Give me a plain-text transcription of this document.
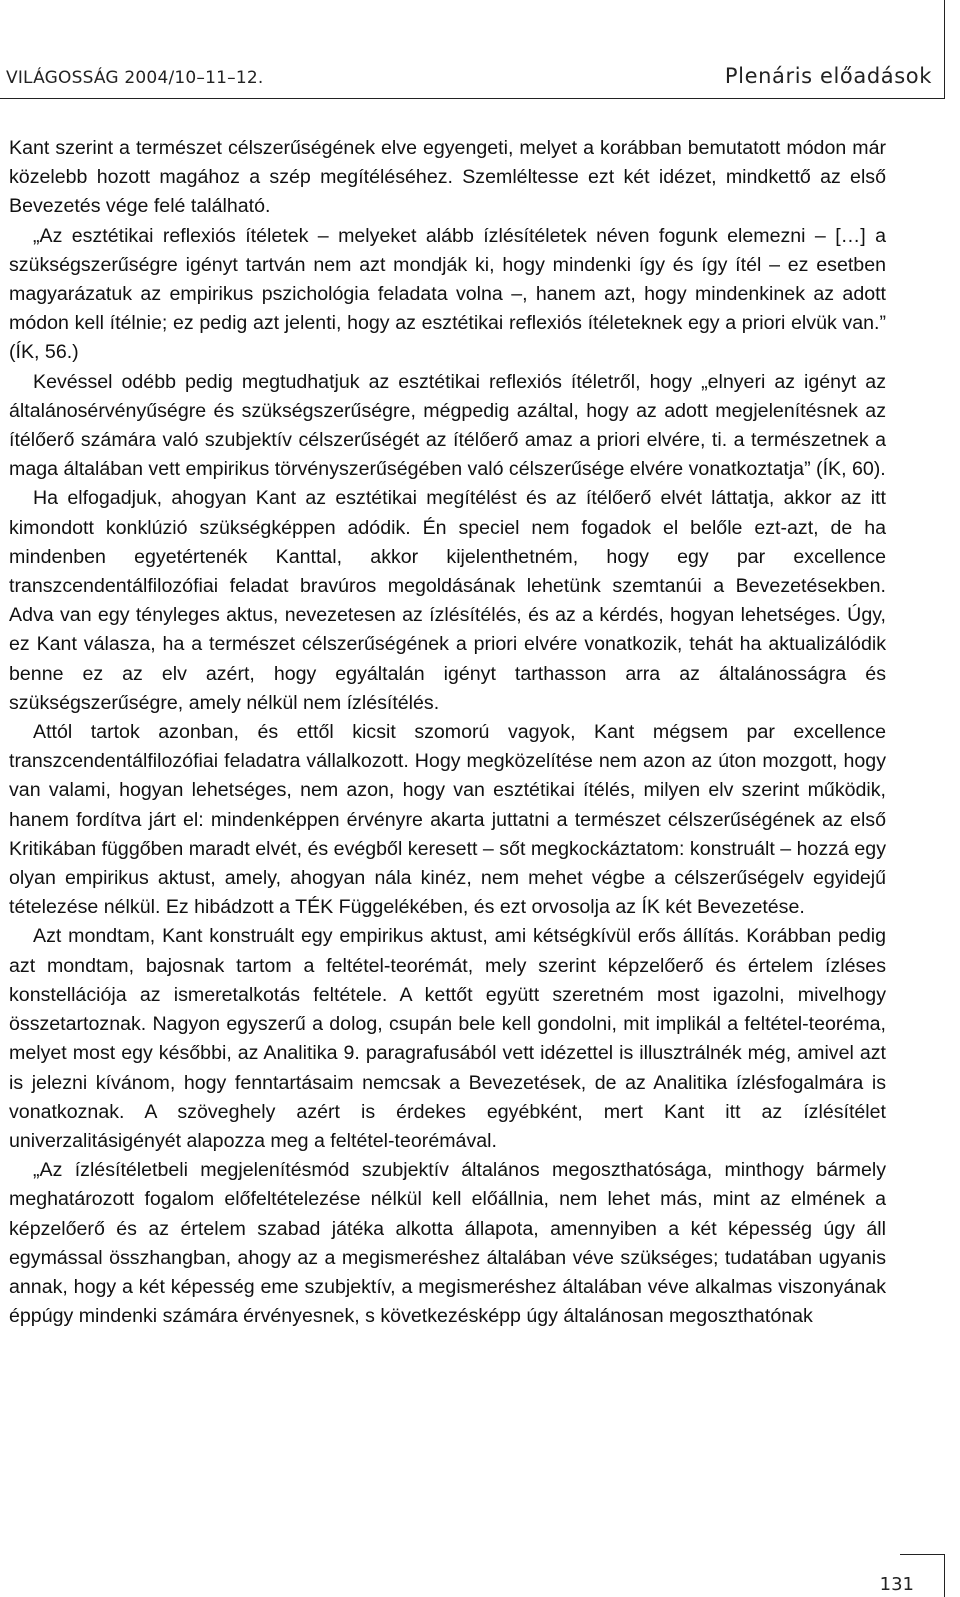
VILÁGOSSÁG 2004/10–11–12.	Plenáris előadások

Kant szerint a természet célszerűségének elve egyengeti, melyet a korábban bemutatott módon már közelebb hozott magához a szép megítéléséhez. Szemléltesse ezt két idézet, mindkettő az első Bevezetés vége felé található.

„Az esztétikai reflexiós ítéletek – melyeket alább ízlésítéletek néven fogunk elemezni – […] a szükségszerűségre igényt tartván nem azt mondják ki, hogy mindenki így és így ítél – ez esetben magyarázatuk az empirikus pszichológia feladata volna –, hanem azt, hogy mindenkinek az adott módon kell ítélnie; ez pedig azt jelenti, hogy az esztétikai reflexiós ítéleteknek egy a priori elvük van.” (ÍK, 56.)

Kevéssel odébb pedig megtudhatjuk az esztétikai reflexiós ítéletről, hogy „elnyeri az igényt az általánosérvényűségre és szükségszerűségre, mégpedig azáltal, hogy az adott megjelenítésnek az ítélőerő számára való szubjektív célszerűségét az ítélőerő amaz a priori elvére, ti. a természetnek a maga általában vett empirikus törvényszerűségében való célszerűsége elvére vonatkoztatja” (ÍK, 60).

Ha elfogadjuk, ahogyan Kant az esztétikai megítélést és az ítélőerő elvét láttatja, akkor az itt kimondott konklúzió szükségképpen adódik. Én speciel nem fogadok el belőle ezt-azt, de ha mindenben egyetértenék Kanttal, akkor kijelenthetném, hogy egy par excellence transzcendentálfilozófiai feladat bravúros megoldásának lehetünk szemtanúi a Bevezetésekben. Adva van egy tényleges aktus, nevezetesen az ízlésítélés, és az a kérdés, hogyan lehetséges. Úgy, ez Kant válasza, ha a természet célszerűségének a priori elvére vonatkozik, tehát ha aktualizálódik benne ez az elv azért, hogy egyáltalán igényt tarthasson arra az általánosságra és szükségszerűségre, amely nélkül nem ízlésítélés.

Attól tartok azonban, és ettől kicsit szomorú vagyok, Kant mégsem par excellence transzcendentálfilozófiai feladatra vállalkozott. Hogy megközelítése nem azon az úton mozgott, hogy van valami, hogyan lehetséges, nem azon, hogy van esztétikai ítélés, milyen elv szerint működik, hanem fordítva járt el: mindenképpen érvényre akarta juttatni a természet célszerűségének az első Kritikában függőben maradt elvét, és evégből keresett – sőt megkockáztatom: konstruált – hozzá egy olyan empirikus aktust, amely, ahogyan nála kinéz, nem mehet végbe a célszerűségelv egyidejű tételezése nélkül. Ez hibádzott a TÉK Függelékében, és ezt orvosolja az ÍK két Bevezetése.

Azt mondtam, Kant konstruált egy empirikus aktust, ami kétségkívül erős állítás. Korábban pedig azt mondtam, bajosnak tartom a feltétel-teorémát, mely szerint képzelőerő és értelem ízléses konstellációja az ismeretalkotás feltétele. A kettőt együtt szeretném most igazolni, mivelhogy összetartoznak. Nagyon egyszerű a dolog, csupán bele kell gondolni, mit implikál a feltétel-teoréma, melyet most egy későbbi, az Analitika 9. paragrafusából vett idézettel is illusztrálnék még, amivel azt is jelezni kívánom, hogy fenntartásaim nemcsak a Bevezetések, de az Analitika ízlésfogalmára is vonatkoznak. A szöveghely azért is érdekes egyébként, mert Kant itt az ízlésítélet univerzalitásigényét alapozza meg a feltétel-teorémával.

„Az ízlésítéletbeli megjelenítésmód szubjektív általános megoszthatósága, minthogy bármely meghatározott fogalom előfeltételezése nélkül kell előállnia, nem lehet más, mint az elmének a képzelőerő és az értelem szabad játéka alkotta állapota, amennyiben a két képesség úgy áll egymással összhangban, ahogy az a megismeréshez általában véve szükséges; tudatában ugyanis annak, hogy a két képesség eme szubjektív, a megismeréshez általában véve alkalmas viszonyának éppúgy mindenki számára érvényesnek, s következésképp úgy általánosan megoszthatónak

131
